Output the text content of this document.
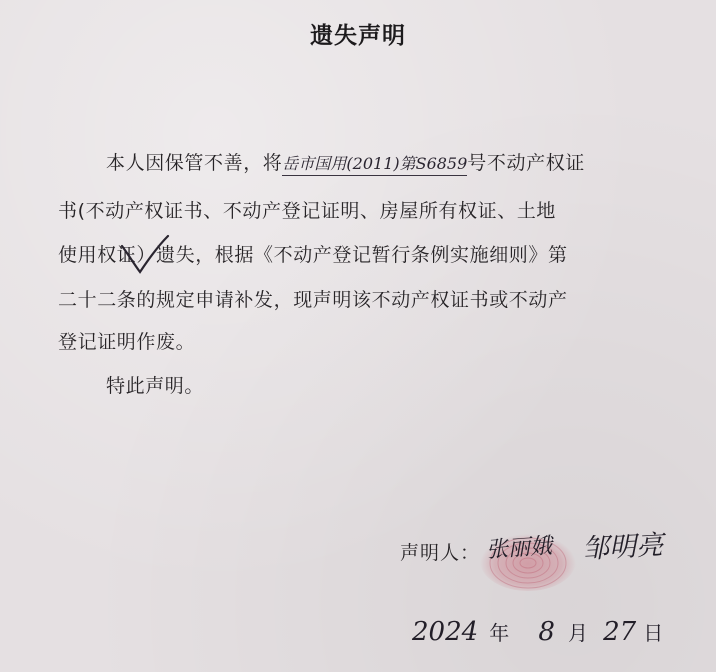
遗失声明
本人因保管不善，将岳市国用(2011)第S6859号不动产权证
书(不动产权证书、不动产登记证明、房屋所有权证、土地
使用权证）遗失，根据《不动产登记暂行条例实施细则》第
二十二条的规定申请补发，现声明该不动产权证书或不动产
登记证明作废。
特此声明。
声明人： 张丽娥 邹明亮
2024 年 8 月 27 日
